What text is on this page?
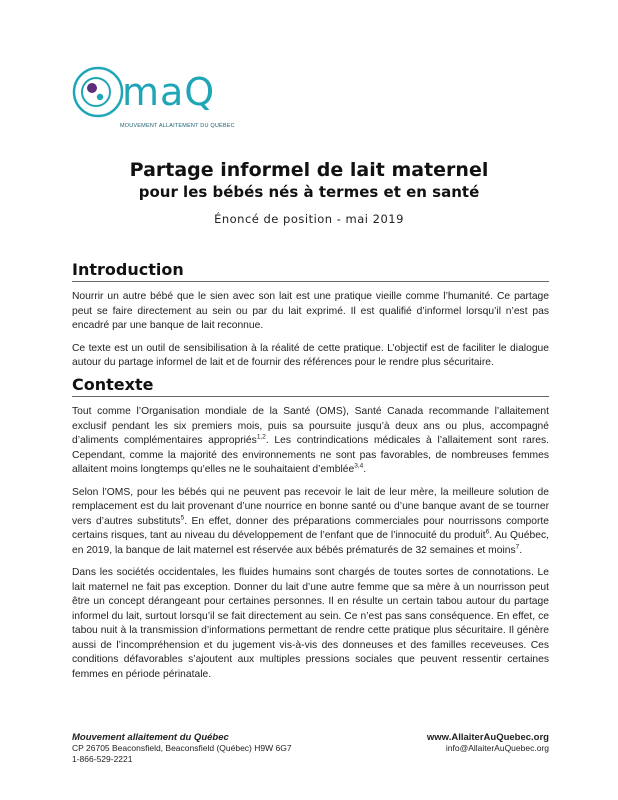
maQ
MOUVEMENT ALLAITEMENT DU QUÉBEC
Partage informel de lait maternel
pour les bébés nés à termes et en santé
Énoncé de position - mai 2019
Introduction

Nourrir un autre bébé que le sien avec son lait est une pratique vieille comme l’humanité. Ce partage peut se faire directement au sein ou par du lait exprimé. Il est qualifié d’informel lorsqu’il n’est pas encadré par une banque de lait reconnue.

Ce texte est un outil de sensibilisation à la réalité de cette pratique. L’objectif est de faciliter le dialogue autour du partage informel de lait et de fournir des références pour le rendre plus sécuritaire.

Contexte

Tout comme l’Organisation mondiale de la Santé (OMS), Santé Canada recommande l’allaitement exclusif pendant les six premiers mois, puis sa poursuite jusqu’à deux ans ou plus, accompagné d’aliments complémentaires appropriés$^{1,2}$. Les contrindications médicales à l’allaitement sont rares. Cependant, comme la majorité des environnements ne sont pas favorables, de nombreuses femmes allaitent moins longtemps qu’elles ne le souhaitaient d’emblée$^{3,4}$.

Selon l’OMS, pour les bébés qui ne peuvent pas recevoir le lait de leur mère, la meilleure solution de remplacement est du lait provenant d’une nourrice en bonne santé ou d’une banque avant de se tourner vers d’autres substituts$^5$. En effet, donner des préparations commerciales pour nourrissons comporte certains risques, tant au niveau du développement de l’enfant que de l’innocuité du produit$^6$. Au Québec, en 2019, la banque de lait maternel est réservée aux bébés prématurés de 32 semaines et moins$^7$.

Dans les sociétés occidentales, les fluides humains sont chargés de toutes sortes de connotations. Le lait maternel ne fait pas exception. Donner du lait d’une autre femme que sa mère à un nourrisson peut être un concept dérangeant pour certaines personnes. Il en résulte un certain tabou autour du partage informel du lait, surtout lorsqu’il se fait directement au sein. Ce n’est pas sans conséquence. En effet, ce tabou nuit à la transmission d’informations permettant de rendre cette pratique plus sécuritaire. Il génère aussi de l’incompréhension et du jugement vis-à-vis des donneuses et des familles receveuses. Ces conditions défavorables s’ajoutent aux multiples pressions sociales que peuvent ressentir certaines femmes en période périnatale.

Mouvement allaitement du Québec
CP 26705 Beaconsfield, Beaconsfield (Québec) H9W 6G7
1-866-529-2221
www.AllaiterAuQuebec.org
info@AllaiterAuQuebec.org
